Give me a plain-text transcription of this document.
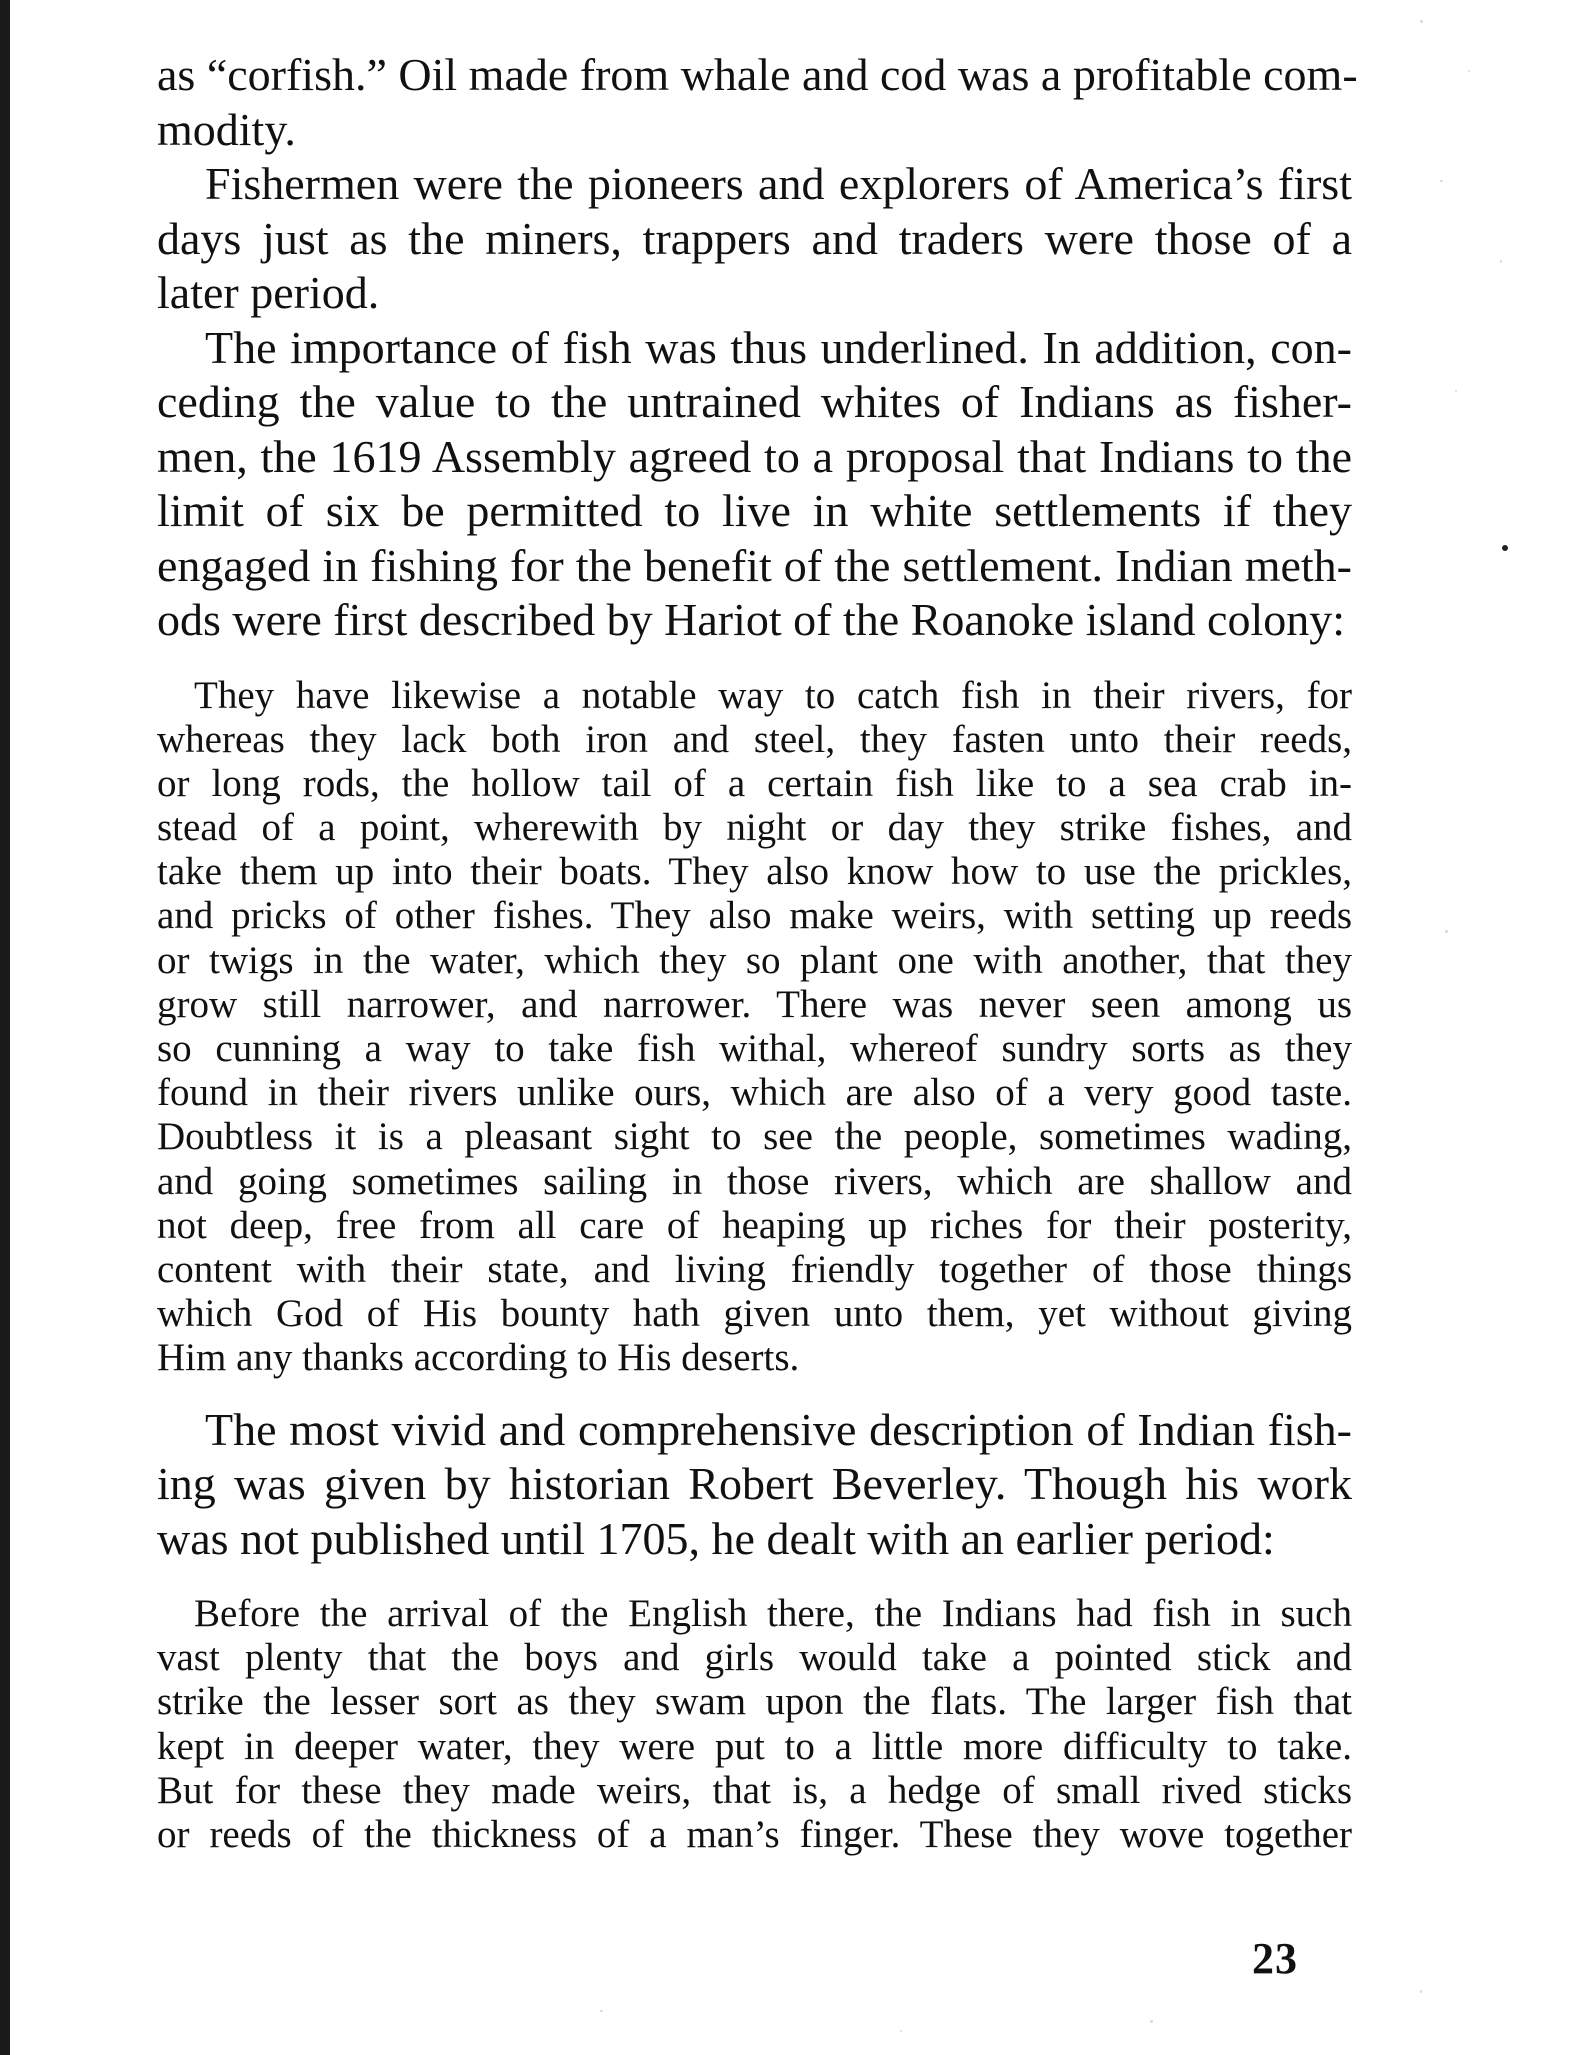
as “corfish.” Oil made from whale and cod was a profitable com-
modity.
Fishermen were the pioneers and explorers of America’s first
days just as the miners, trappers and traders were those of a
later period.
The importance of fish was thus underlined. In addition, con-
ceding the value to the untrained whites of Indians as fisher-
men, the 1619 Assembly agreed to a proposal that Indians to the
limit of six be permitted to live in white settlements if they
engaged in fishing for the benefit of the settlement. Indian meth-
ods were first described by Hariot of the Roanoke island colony:
They have likewise a notable way to catch fish in their rivers, for
whereas they lack both iron and steel, they fasten unto their reeds,
or long rods, the hollow tail of a certain fish like to a sea crab in-
stead of a point, wherewith by night or day they strike fishes, and
take them up into their boats. They also know how to use the prickles,
and pricks of other fishes. They also make weirs, with setting up reeds
or twigs in the water, which they so plant one with another, that they
grow still narrower, and narrower. There was never seen among us
so cunning a way to take fish withal, whereof sundry sorts as they
found in their rivers unlike ours, which are also of a very good taste.
Doubtless it is a pleasant sight to see the people, sometimes wading,
and going sometimes sailing in those rivers, which are shallow and
not deep, free from all care of heaping up riches for their posterity,
content with their state, and living friendly together of those things
which God of His bounty hath given unto them, yet without giving
Him any thanks according to His deserts.
The most vivid and comprehensive description of Indian fish-
ing was given by historian Robert Beverley. Though his work
was not published until 1705, he dealt with an earlier period:
Before the arrival of the English there, the Indians had fish in such
vast plenty that the boys and girls would take a pointed stick and
strike the lesser sort as they swam upon the flats. The larger fish that
kept in deeper water, they were put to a little more difficulty to take.
But for these they made weirs, that is, a hedge of small rived sticks
or reeds of the thickness of a man’s finger. These they wove together
23
